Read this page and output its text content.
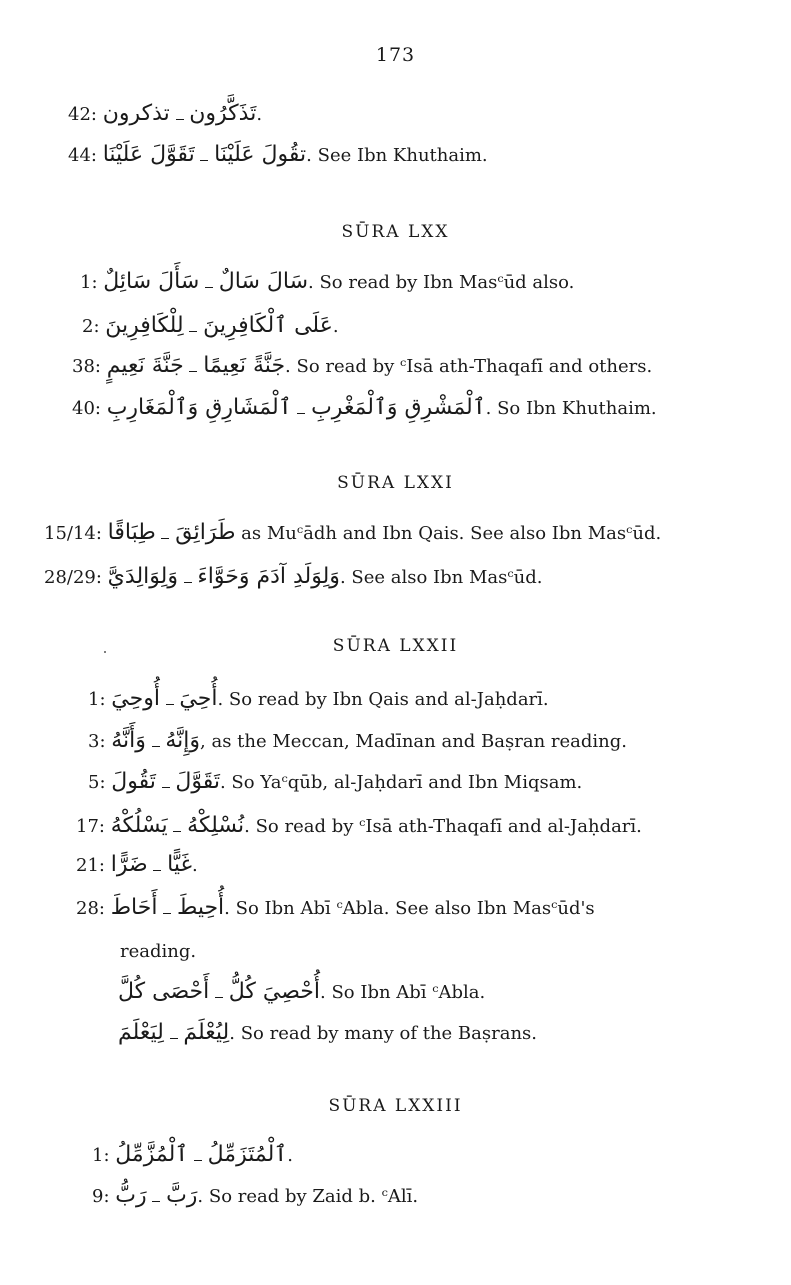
173
42: تذكرون تَذَكَّرُون.
44: تَقَوَّلَ عَلَيْنَا تقُولَ عَلَيْنَا. See Ibn Khuthaim.
SŪRA LXX
1: سَأَلَ سَائِلٌ سَالَ سَالٌ. So read by Ibn Masᶜūd also.
2: لِلْكَافِرِينَ عَلَى ٱلْكَافِرِينَ.
38: جَنَّةَ نَعِيمٍ جَنَّةً نَعِيمًا. So read by ᶜIsā ath-Thaqafī and others.
40: ٱلْمَشَارِقِ وَٱلْمَغَارِبِ ٱلْمَشْرِقِ وَٱلْمَغْرِبِ. So Ibn Khuthaim.
SŪRA LXXI
15/14: طِبَاقًا طَرَائِقَ as Muᶜādh and Ibn Qais. See also Ibn Masᶜūd.
28/29: وَلِوَالِدَيَّ وَلِوَلَدِ آدَمَ وَحَوَّاءَ. See also Ibn Masᶜūd.
SŪRA LXXII
1: أُوحِيَ أُحِيَ. So read by Ibn Qais and al-Jaḥdarī.
3: وَأَنَّهُ وَإِنَّهُ, as the Meccan, Madīnan and Baṣran reading.
5: تَقُولَ تَقَوَّلَ. So Yaᶜqūb, al-Jaḥdarī and Ibn Miqsam.
17: يَسْلُكْهُ نُسْلِكْهُ. So read by ᶜIsā ath-Thaqafī and al-Jaḥdarī.
21: ضَرًّا غَيًّا.
28: أَحَاطَ أُحِيطَ. So Ibn Abī ᶜAbla. See also Ibn Masᶜūd's
reading.
أَحْصَى كُلَّ أُحْصِيَ كُلُّ. So Ibn Abī ᶜAbla.
لِيَعْلَمَ لِيُعْلَمَ. So read by many of the Baṣrans.
SŪRA LXXIII
1: ٱلْمُزَّمِّلُ ٱلْمُتَزَمِّلُ.
9: رَبُّ رَبَّ. So read by Zaid b. ᶜAlī.
